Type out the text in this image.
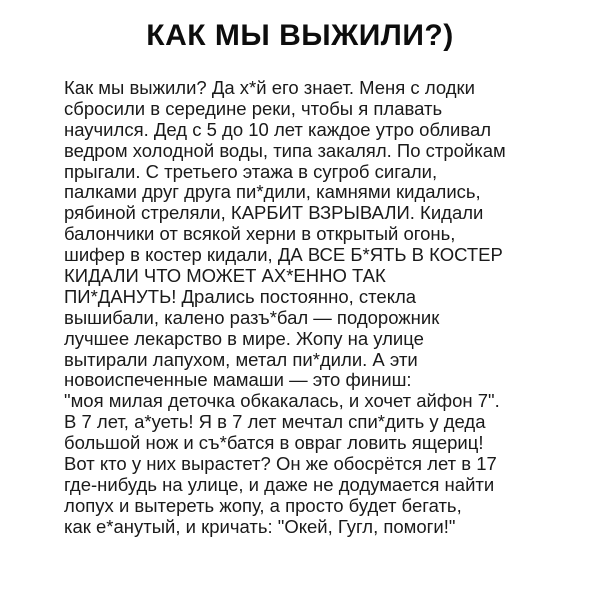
КАК МЫ ВЫЖИЛИ?)
Как мы выжили? Да х*й его знает. Меня с лодки
сбросили в середине реки, чтобы я плавать
научился. Дед с 5 до 10 лет каждое утро обливал
ведром холодной воды, типа закалял. По стройкам
прыгали. С третьего этажа в сугроб сигали,
палками друг друга пи*дили, камнями кидались,
рябиной стреляли, КАРБИТ ВЗРЫВАЛИ. Кидали
балончики от всякой херни в открытый огонь,
шифер в костер кидали, ДА ВСЕ Б*ЯТЬ В КОСТЕР
КИДАЛИ ЧТО МОЖЕТ АХ*ЕННО ТАК
ПИ*ДАНУТЬ! Дрались постоянно, стекла
вышибали, калено разъ*бал — подорожник
лучшее лекарство в мире. Жопу на улице
вытирали лапухом, метал пи*дили. А эти
новоиспеченные мамаши — это финиш:
"моя милая деточка обкакалась, и хочет айфон 7".
В 7 лет, а*уеть! Я в 7 лет мечтал спи*дить у деда
большой нож и съ*батся в овраг ловить ящериц!
Вот кто у них вырастет? Он же обосрётся лет в 17
где-нибудь на улице, и даже не додумается найти
лопух и вытереть жопу, а просто будет бегать,
как е*анутый, и кричать: "Окей, Гугл, помоги!"
